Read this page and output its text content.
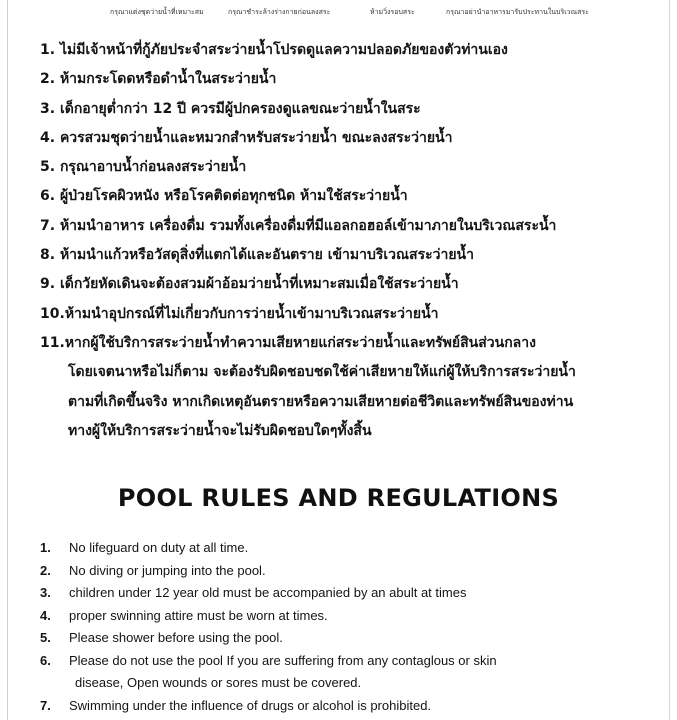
กรุณาแต่งชุดว่ายน้ำที่เหมาะสม	กรุณาชำระล้างร่างกายก่อนลงสระ	ห้ามวิ่งรอบสระ	กรุณาอย่านำอาหารมารับประทานในบริเวณสระ
1. ไม่มีเจ้าหน้าที่กู้ภัยประจำสระว่ายน้ำโปรดดูแลความปลอดภัยของตัวท่านเอง
2. ห้ามกระโดดหรือดำน้ำในสระว่ายน้ำ
3. เด็กอายุต่ำกว่า 12 ปี ควรมีผู้ปกครองดูแลขณะว่ายน้ำในสระ
4. ควรสวมชุดว่ายน้ำและหมวกสำหรับสระว่ายน้ำ ขณะลงสระว่ายน้ำ
5. กรุณาอาบน้ำก่อนลงสระว่ายน้ำ
6. ผู้ป่วยโรคผิวหนัง หรือโรคติดต่อทุกชนิด ห้ามใช้สระว่ายน้ำ
7. ห้ามนำอาหาร เครื่องดื่ม รวมทั้งเครื่องดื่มที่มีแอลกอฮอล์เข้ามาภายในบริเวณสระน้ำ
8. ห้ามนำแก้วหรือวัสดุสิ่งที่แตกได้และอันตราย เข้ามาบริเวณสระว่ายน้ำ
9. เด็กวัยหัดเดินจะต้องสวมผ้าอ้อมว่ายน้ำที่เหมาะสมเมื่อใช้สระว่ายน้ำ
10.ห้ามนำอุปกรณ์ที่ไม่เกี่ยวกับการว่ายน้ำเข้ามาบริเวณสระว่ายน้ำ
11.หากผู้ใช้บริการสระว่ายน้ำทำความเสียหายแก่สระว่ายน้ำและทรัพย์สินส่วนกลาง
โดยเจตนาหรือไม่ก็ตาม จะต้องรับผิดชอบชดใช้ค่าเสียหายให้แก่ผู้ให้บริการสระว่ายน้ำ
ตามที่เกิดขึ้นจริง หากเกิดเหตุอันตรายหรือความเสียหายต่อชีวิตและทรัพย์สินของท่าน
ทางผู้ให้บริการสระว่ายน้ำจะไม่รับผิดชอบใดๆทั้งสิ้น
POOL RULES AND REGULATIONS
1. No lifeguard on duty at all time.
2. No diving or jumping into the pool.
3. children under 12 year old must be accompanied by an abult at times
4. proper swinning attire must be worn at times.
5. Please shower before using the pool.
6. Please do not use the pool If you are suffering from any contaglous or skin
disease, Open wounds or sores must be covered.
7. Swimming under the influence of drugs or alcohol is prohibited.
